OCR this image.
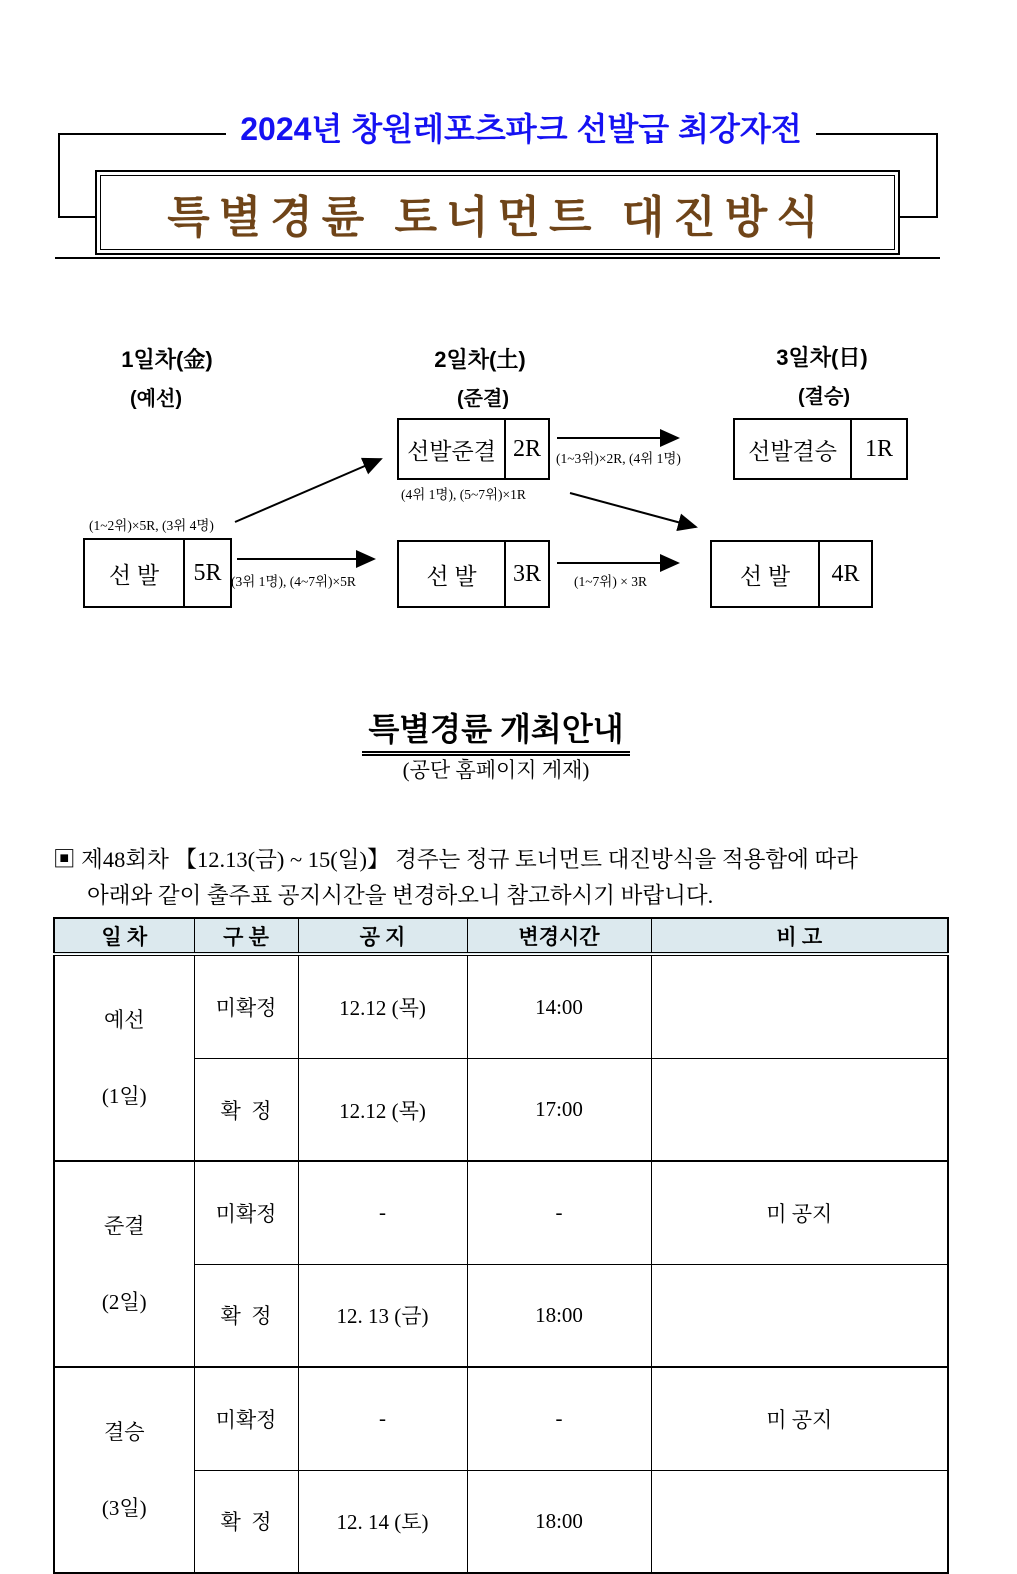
2024년 창원레포츠파크 선발급 최강자전
특별경륜 토너먼트 대진방식
1일차(金)	2일차(土)	3일차(日)
(예선)	(준결)	(결승)
선 발	5R
선발준결 2R
선 발	3R
선발결승	1R
선 발	4R
(1~2위)×5R, (3위 4명)
(3위 1명), (4~7위)×5R
(4위 1명), (5~7위)×1R
(1~3위)×2R, (4위 1명)
(1~7위) × 3R
특별경륜 개최안내
(공단 홈페이지 게재)
▣ 제48회차 【12.13(금) ~ 15(일)】 경주는 정규 토너먼트 대진방식을 적용함에 따라
아래와 같이 출주표 공지시간을 변경하오니 참고하시기 바랍니다.
일 차	구 분	공 지	변경시간	비 고

예선

(1일)	미확정	12.12 (목)	14:00	
	확  정	12.12 (목)	17:00	

준결

(2일)	미확정	-	-	미 공지
	확  정	12. 13 (금)	18:00	

결승

(3일)	미확정	-	-	미 공지
	확  정	12. 14 (토)	18:00	
